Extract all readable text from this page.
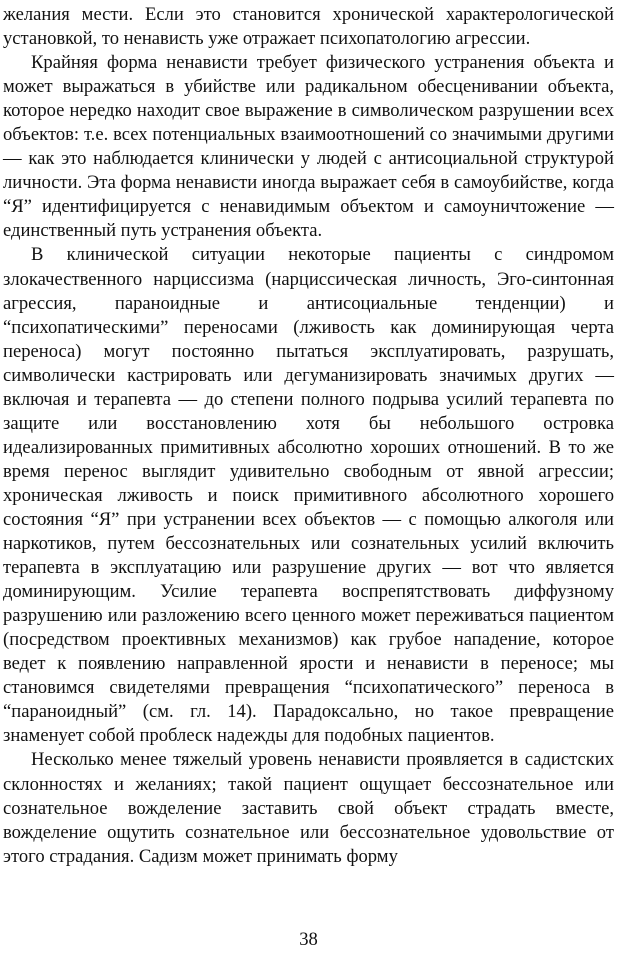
желания мести. Если это становится хронической характерологической установкой, то ненависть уже отражает психопатологию агрессии.

Крайняя форма ненависти требует физического устранения объекта и может выражаться в убийстве или радикальном обесценивании объекта, которое нередко находит свое выражение в символическом разрушении всех объектов: т.е. всех потенциальных взаимоотношений со значимыми другими — как это наблюдается клинически у людей с антисоциальной структурой личности. Эта форма ненависти иногда выражает себя в самоубийстве, когда “Я” идентифицируется с ненавидимым объектом и самоуничтожение — единственный путь устранения объекта.

В клинической ситуации некоторые пациенты с синдромом злокачественного нарциссизма (нарциссическая личность, Эго-синтонная агрессия, параноидные и антисоциальные тенденции) и “психопатическими” переносами (лживость как доминирующая черта переноса) могут постоянно пытаться эксплуатировать, разрушать, символически кастрировать или дегуманизировать значимых других — включая и терапевта — до степени полного подрыва усилий терапевта по защите или восстановлению хотя бы небольшого островка идеализированных примитивных абсолютно хороших отношений. В то же время перенос выглядит удивительно свободным от явной агрессии; хроническая лживость и поиск примитивного абсолютного хорошего состояния “Я” при устранении всех объектов — с помощью алкоголя или наркотиков, путем бессознательных или сознательных усилий включить терапевта в эксплуатацию или разрушение других — вот что является доминирующим. Усилие терапевта воспрепятствовать диффузному разрушению или разложению всего ценного может переживаться пациентом (посредством проективных механизмов) как грубое нападение, которое ведет к появлению направленной ярости и ненависти в переносе; мы становимся свидетелями превращения “психопатического” переноса в “параноидный” (см. гл. 14). Парадоксально, но такое превращение знаменует собой проблеск надежды для подобных пациентов.

Несколько менее тяжелый уровень ненависти проявляется в садистских склонностях и желаниях; такой пациент ощущает бессознательное или сознательное вожделение заставить свой объект страдать вместе, вожделение ощутить сознательное или бессознательное удовольствие от этого страдания. Садизм может принимать форму

38
